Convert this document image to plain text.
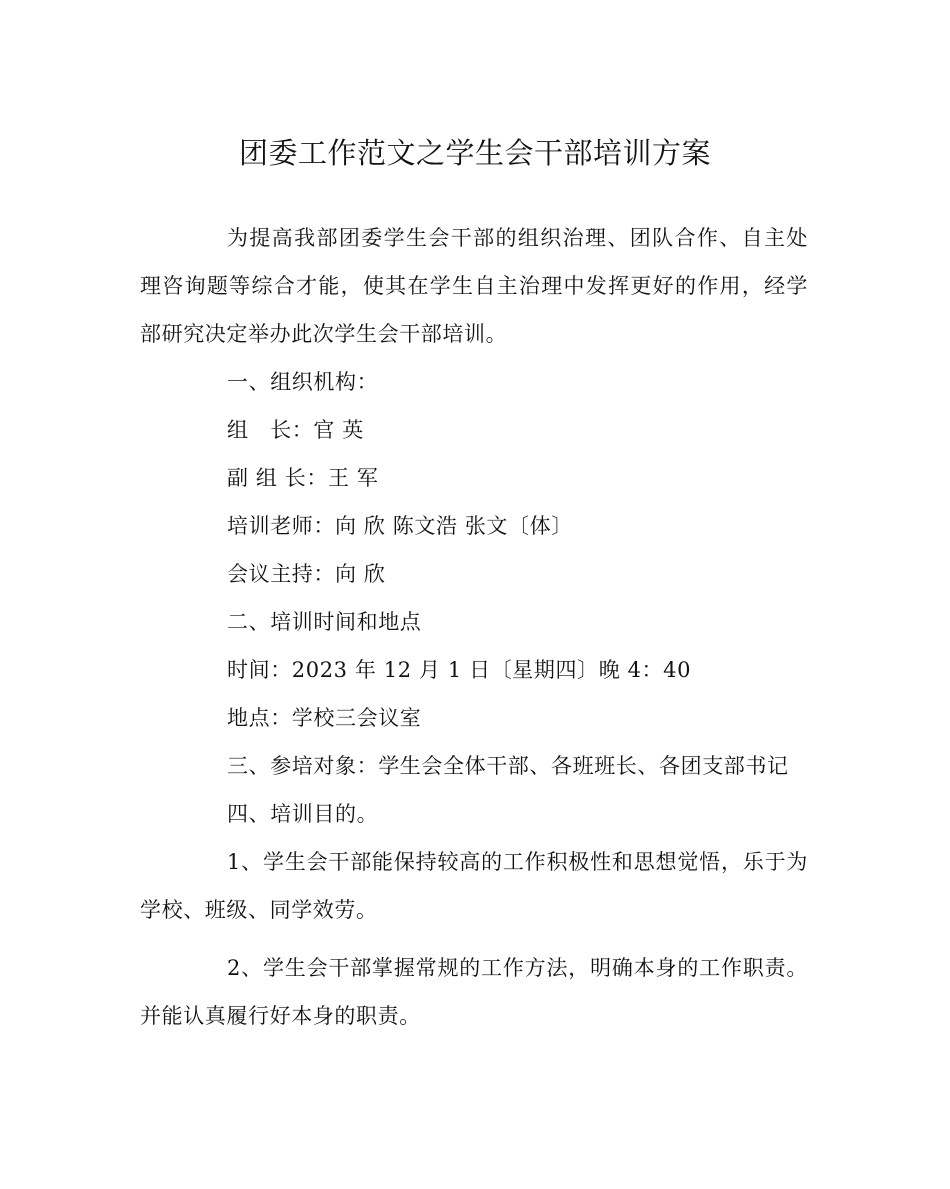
团委工作范文之学生会干部培训方案
为提高我部团委学生会干部的组织治理、团队合作、自主处理咨询题等综合才能，使其在学生自主治理中发挥更好的作用，经学部研究决定举办此次学生会干部培训。
一、组织机构：
组　长：官 英
副 组 长：王 军
培训老师：向 欣 陈文浩 张文〔体〕
会议主持：向 欣
二、培训时间和地点
时间：2023 年 12 月 1 日〔星期四〕晚 4：40
地点：学校三会议室
三、参培对象：学生会全体干部、各班班长、各团支部书记
四、培训目的。
1、学生会干部能保持较高的工作积极性和思想觉悟，乐于为学校、班级、同学效劳。
2、学生会干部掌握常规的工作方法，明确本身的工作职责。并能认真履行好本身的职责。
